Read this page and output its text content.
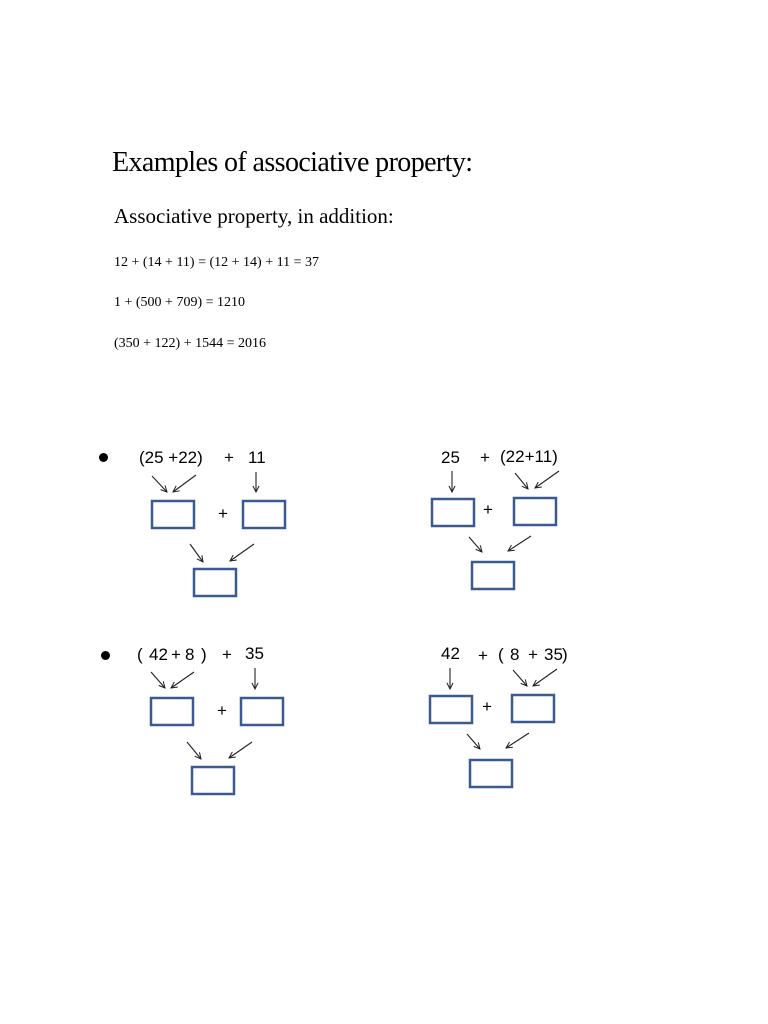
Examples of associative property:
Associative property, in addition:

12 + (14 + 11) = (12 + 14) + 11 = 37

1 + (500 + 709) = 1210

(350 + 122) + 1544 = 2016

(25 +22) + 11
+
25 + (22+11)
+
( 42 + 8 ) + 35
+
42 + ( 8 + 35 )
+
